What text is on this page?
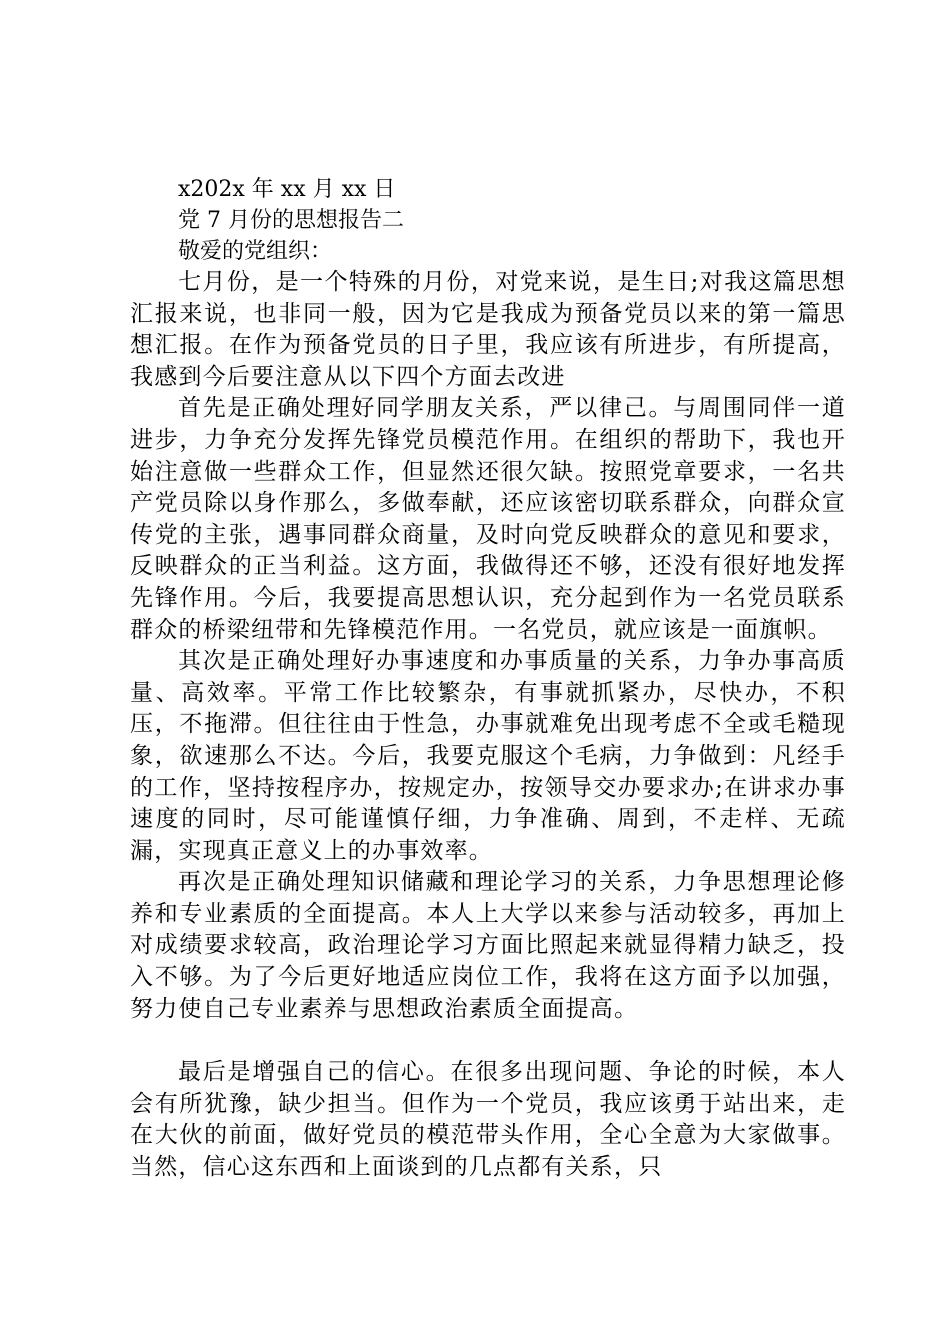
x202x 年 xx 月 xx 日
党 7 月份的思想报告二
敬爱的党组织：

七月份，是一个特殊的月份，对党来说，是生日;对我这篇思想汇报来说，也非同一般，因为它是我成为预备党员以来的第一篇思想汇报。在作为预备党员的日子里，我应该有所进步，有所提高，我感到今后要注意从以下四个方面去改进

首先是正确处理好同学朋友关系，严以律己。与周围同伴一道进步，力争充分发挥先锋党员模范作用。在组织的帮助下，我也开始注意做一些群众工作，但显然还很欠缺。按照党章要求，一名共产党员除以身作那么，多做奉献，还应该密切联系群众，向群众宣传党的主张，遇事同群众商量，及时向党反映群众的意见和要求，反映群众的正当利益。这方面，我做得还不够，还没有很好地发挥先锋作用。今后，我要提高思想认识，充分起到作为一名党员联系群众的桥梁纽带和先锋模范作用。一名党员，就应该是一面旗帜。

其次是正确处理好办事速度和办事质量的关系，力争办事高质量、高效率。平常工作比较繁杂，有事就抓紧办，尽快办，不积压，不拖滞。但往往由于性急，办事就难免出现考虑不全或毛糙现象，欲速那么不达。今后，我要克服这个毛病，力争做到：凡经手的工作，坚持按程序办，按规定办，按领导交办要求办;在讲求办事速度的同时，尽可能谨慎仔细，力争准确、周到，不走样、无疏漏，实现真正意义上的办事效率。

再次是正确处理知识储藏和理论学习的关系，力争思想理论修养和专业素质的全面提高。本人上大学以来参与活动较多，再加上对成绩要求较高，政治理论学习方面比照起来就显得精力缺乏，投入不够。为了今后更好地适应岗位工作，我将在这方面予以加强，努力使自己专业素养与思想政治素质全面提高。

最后是增强自己的信心。在很多出现问题、争论的时候，本人会有所犹豫，缺少担当。但作为一个党员，我应该勇于站出来，走在大伙的前面，做好党员的模范带头作用，全心全意为大家做事。当然，信心这东西和上面谈到的几点都有关系，只
